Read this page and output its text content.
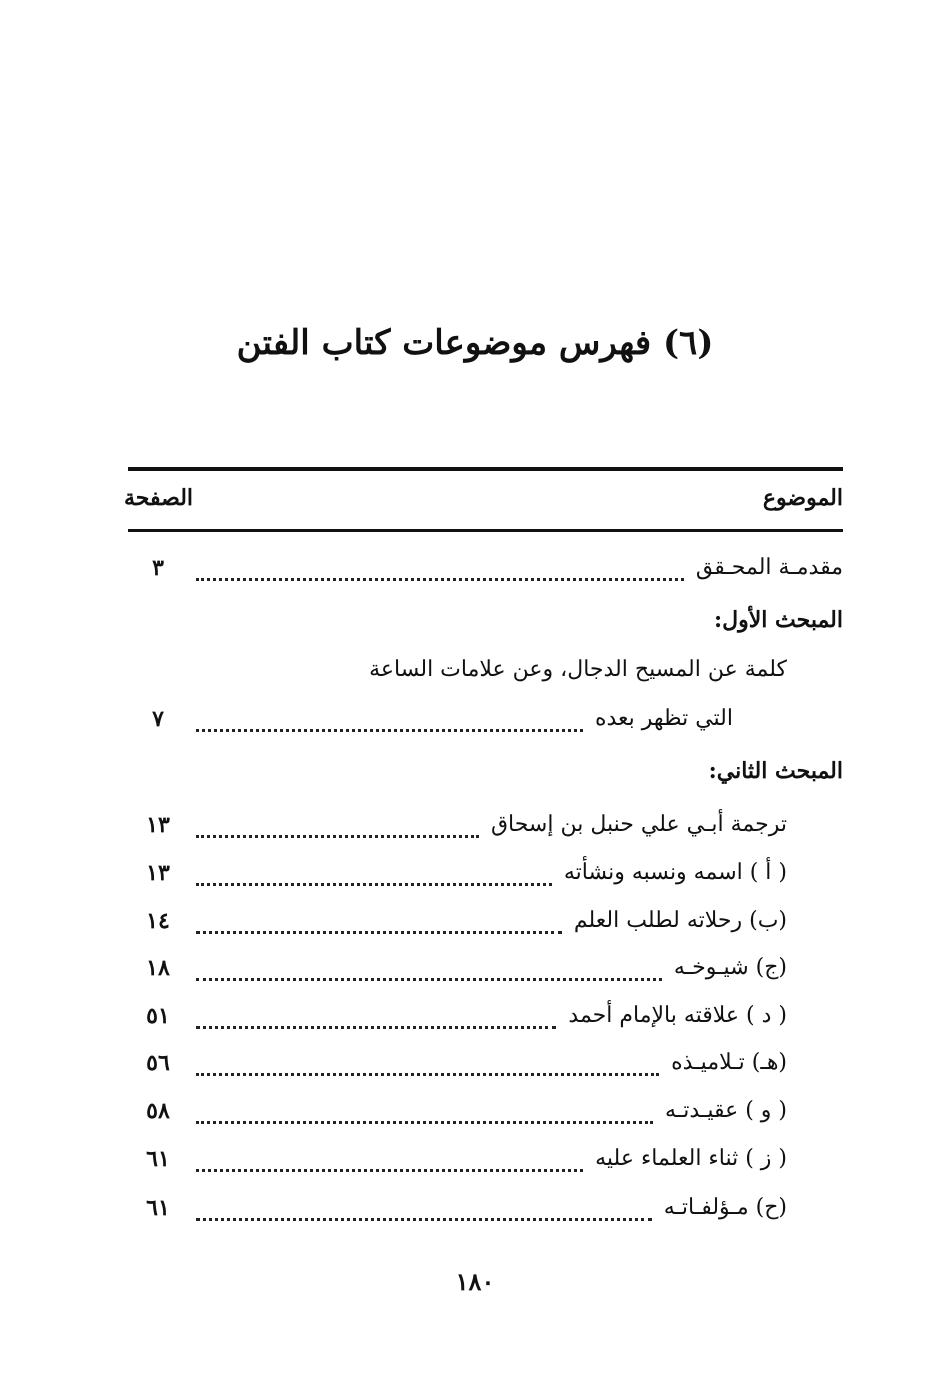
(٦) فهرس موضوعات كتاب الفتن
الموضوع
الصفحة
مقدمـة المحـقق
٣
المبحث الأول:
كلمة عن المسيح الدجال، وعن علامات الساعة
التي تظهر بعده
٧
المبحث الثاني:
ترجمة أبـي علي حنبل بن إسحاق
١٣
( أ ) اسمه ونسبه ونشأته
١٣
(ب) رحلاته لطلب العلم
١٤
(ج) شيـوخـه
١٨
( د ) علاقته بالإمام أحمد
٥١
(هـ) تـلاميـذه
٥٦
( و ) عقيـدتـه
٥٨
( ز ) ثناء العلماء عليه
٦١
(ح) مـؤلفـاتـه
٦١
١٨٠
